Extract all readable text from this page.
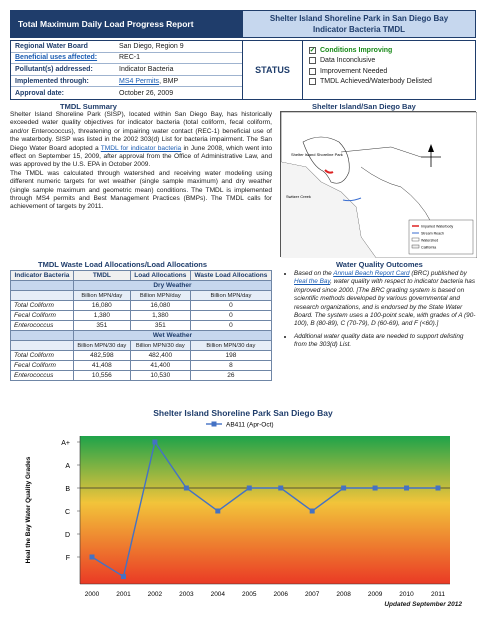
Total Maximum Daily Load Progress Report
Shelter Island Shoreline Park in San Diego Bay
Indicator Bacteria TMDL
Regional Water Board	San Diego, Region 9
Beneficial uses affected:	REC-1
Pollutant(s) addressed:	Indicator Bacteria
Implemented through:	MS4 Permits, BMP
Approval date:	October 26, 2009
STATUS
✓ Conditions Improving
Data Inconclusive
Improvement Needed
TMDL Achieved/Waterbody Delisted
TMDL Summary

Shelter Island Shoreline Park (SISP), located within San Diego Bay, has historically exceeded water quality objectives for indicator bacteria (total coliform, fecal coliform, and/or Enterococcus), threatening or impairing water contact (REC-1) beneficial use of the waterbody. SISP was listed in the 2002 303(d) List for bacteria impairment. The San Diego Water Board adopted a TMDL for indicator bacteria in June 2008, which went into effect on September 15, 2009, after approval from the Office of Administrative Law, and was approved by the U.S. EPA in October 2009.

The TMDL was calculated through watershed and receiving water modeling using different numeric targets for wet weather (single sample maximum) and dry weather (single sample maximum and geometric mean) conditions. The TMDL is implemented through MS4 permits and Best Management Practices (BMPs). The TMDL calls for achievement of targets by 2011.

Shelter Island/San Diego Bay
Shelter Island Shoreline Park
Switzer Creek
Impaired Waterbody
Stream Reach
Watershed
California
TMDL Waste Load Allocations/Load Allocations
Indicator Bacteria	TMDL	Load Allocations	Waste Load Allocations
	Dry Weather		
	Billion MPN/day	Billion MPN/day	Billion MPN/day
Total Coliform	16,080	16,080	0
Fecal Coliform	1,380	1,380	0
Enterococcus	351	351	0
	Wet Weather		
	Billion MPN/30 day	Billion MPN/30 day	Billion MPN/30 day
Total Coliform	482,598	482,400	198
Fecal Coliform	41,408	41,400	8
Enterococcus	10,556	10,530	26
Water Quality Outcomes
• Based on the Annual Beach Report Card (BRC) published by Heal the Bay, water quality with respect to indicator bacteria has improved since 2000. [The BRC grading system is based on scientific methods developed by various governmental and research organizations, and is endorsed by the State Water Board. The system uses a 100-point scale, with grades of A (90-100), B (80-89), C (70-79), D (60-69), and F (<60).]
• Additional water quality data are needed to support delisting from the 303(d) List.
Shelter Island Shoreline Park San Diego Bay
F
D
C
B
A
A+
Heal the Bay Water Quality Grades
2000	2001	2002	2003	2004	2005	2006	2007	2008	2009	2010	2011
AB411 (Apr-Oct)
Updated September 2012
